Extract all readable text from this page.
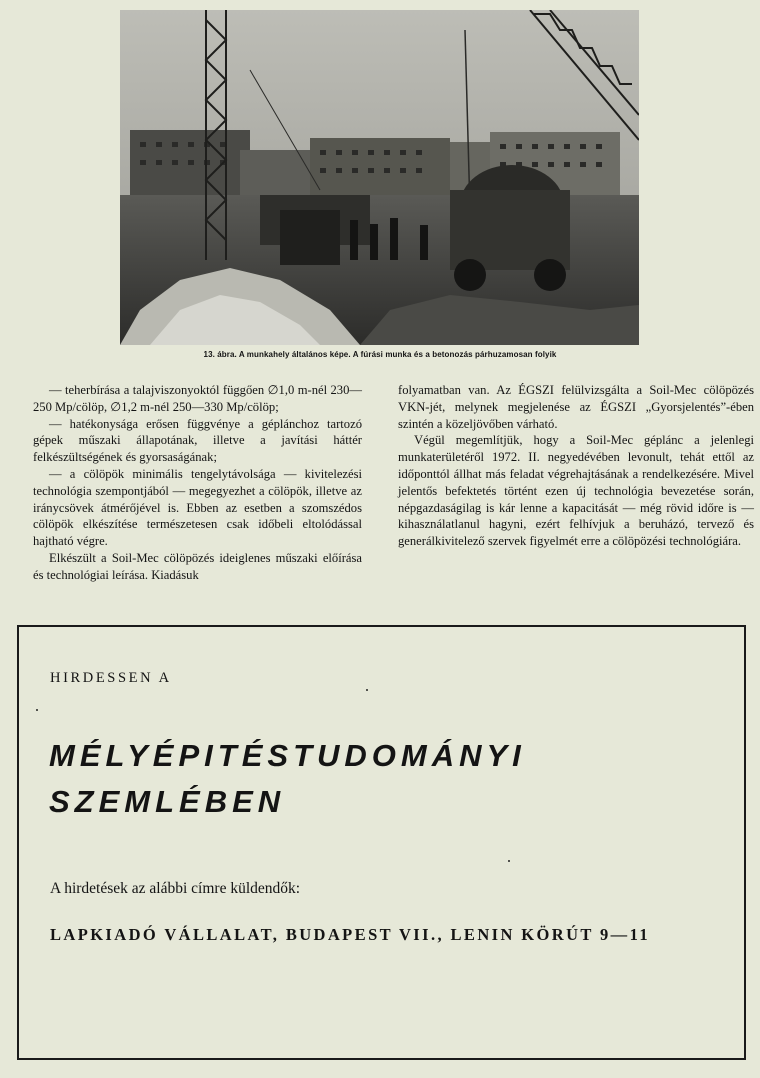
13. ábra. A munkahely általános képe. A fúrási munka és a betonozás párhuzamosan folyik

— teherbírása a talajviszonyoktól függően ∅1,0 m-nél 230—250 Mp/cölöp, ∅1,2 m-nél 250—330 Mp/cölöp;

— hatékonysága erősen függvénye a géplánchoz tartozó gépek műszaki állapotának, illetve a javítási háttér felkészültségének és gyorsaságának;

— a cölöpök minimális tengelytávolsága — kivitelezési technológia szempontjából — megegyezhet a cölöpök, illetve az iránycsövek átmérőjével is. Ebben az esetben a szomszédos cölöpök elkészítése természetesen csak időbeli eltolódással hajtható végre.

Elkészült a Soil-Mec cölöpözés ideiglenes műszaki előírása és technológiai leírása. Kiadásuk

folyamatban van. Az ÉGSZI felülvizsgálta a Soil-Mec cölöpözés VKN-jét, melynek megjelenése az ÉGSZI „Gyorsjelentés”-ében szintén a közeljövőben várható.

Végül megemlítjük, hogy a Soil-Mec géplánc a jelenlegi munkaterületéről 1972. II. negyedévében levonult, tehát ettől az időponttól állhat más feladat végrehajtásának a rendelkezésére. Mivel jelentős befektetés történt ezen új technológia bevezetése során, népgazdaságilag is kár lenne a kapacitását — még rövid időre is — kihasználatlanul hagyni, ezért felhívjuk a beruházó, tervező és generálkivitelező szervek figyelmét erre a cölöpözési technológiára.

HIRDESSEN A
MÉLYÉPITÉSTUDOMÁNYI
SZEMLÉBEN
A hirdetések az alábbi címre küldendők:
LAPKIADÓ VÁLLALAT, BUDAPEST VII., LENIN KÖRÚT 9—11
